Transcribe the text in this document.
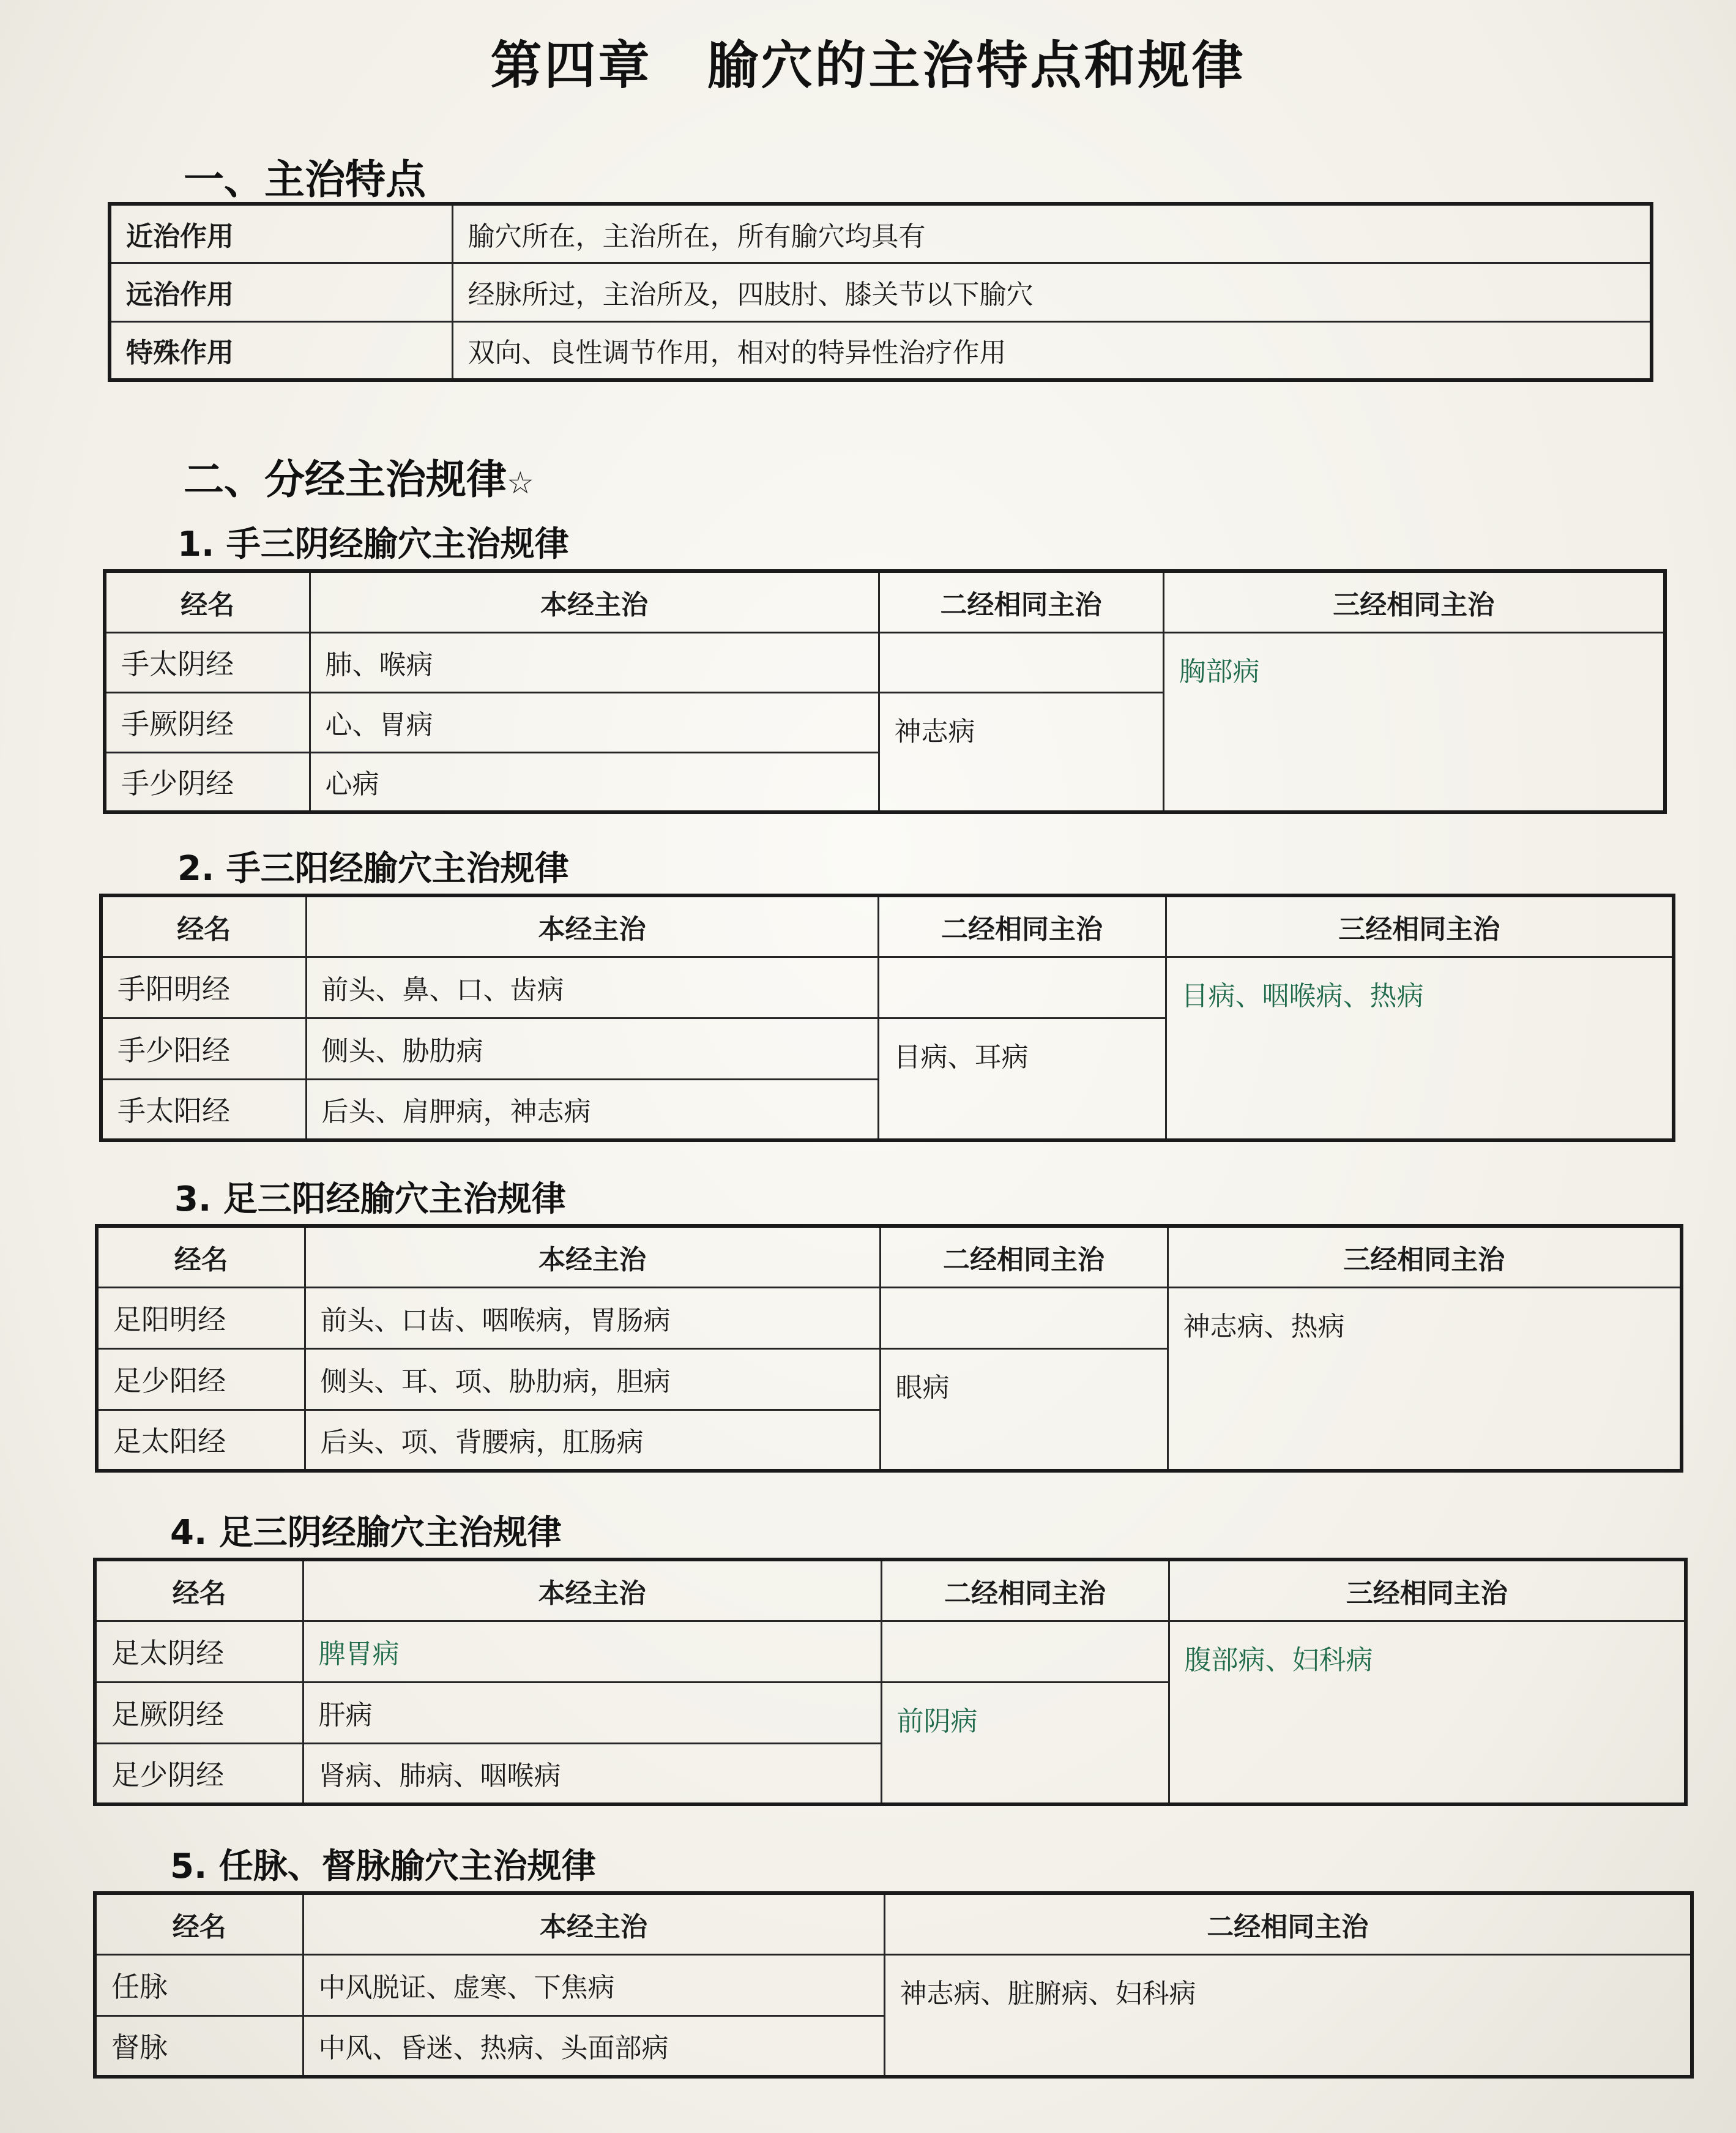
第四章 腧穴的主治特点和规律
一、主治特点
近治作用	腧穴所在，主治所在，所有腧穴均具有
远治作用	经脉所过，主治所及，四肢肘、膝关节以下腧穴
特殊作用	双向、良性调节作用，相对的特异性治疗作用
二、分经主治规律☆
1. 手三阴经腧穴主治规律
经名	本经主治	二经相同主治	三经相同主治
手太阴经	肺、喉病		胸部病
手厥阴经	心、胃病	神志病	
手少阴经	心病		
2. 手三阳经腧穴主治规律
经名	本经主治	二经相同主治	三经相同主治
手阳明经	前头、鼻、口、齿病		目病、咽喉病、热病
手少阳经	侧头、胁肋病	目病、耳病	
手太阳经	后头、肩胛病，神志病		
3. 足三阳经腧穴主治规律
经名	本经主治	二经相同主治	三经相同主治
足阳明经	前头、口齿、咽喉病，胃肠病		神志病、热病
足少阳经	侧头、耳、项、胁肋病，胆病	眼病	
足太阳经	后头、项、背腰病，肛肠病		
4. 足三阴经腧穴主治规律
经名	本经主治	二经相同主治	三经相同主治
足太阴经	脾胃病		腹部病、妇科病
足厥阴经	肝病	前阴病	
足少阴经	肾病、肺病、咽喉病		
5. 任脉、督脉腧穴主治规律
经名	本经主治	二经相同主治
任脉	中风脱证、虚寒、下焦病	神志病、脏腑病、妇科病
督脉	中风、昏迷、热病、头面部病	
